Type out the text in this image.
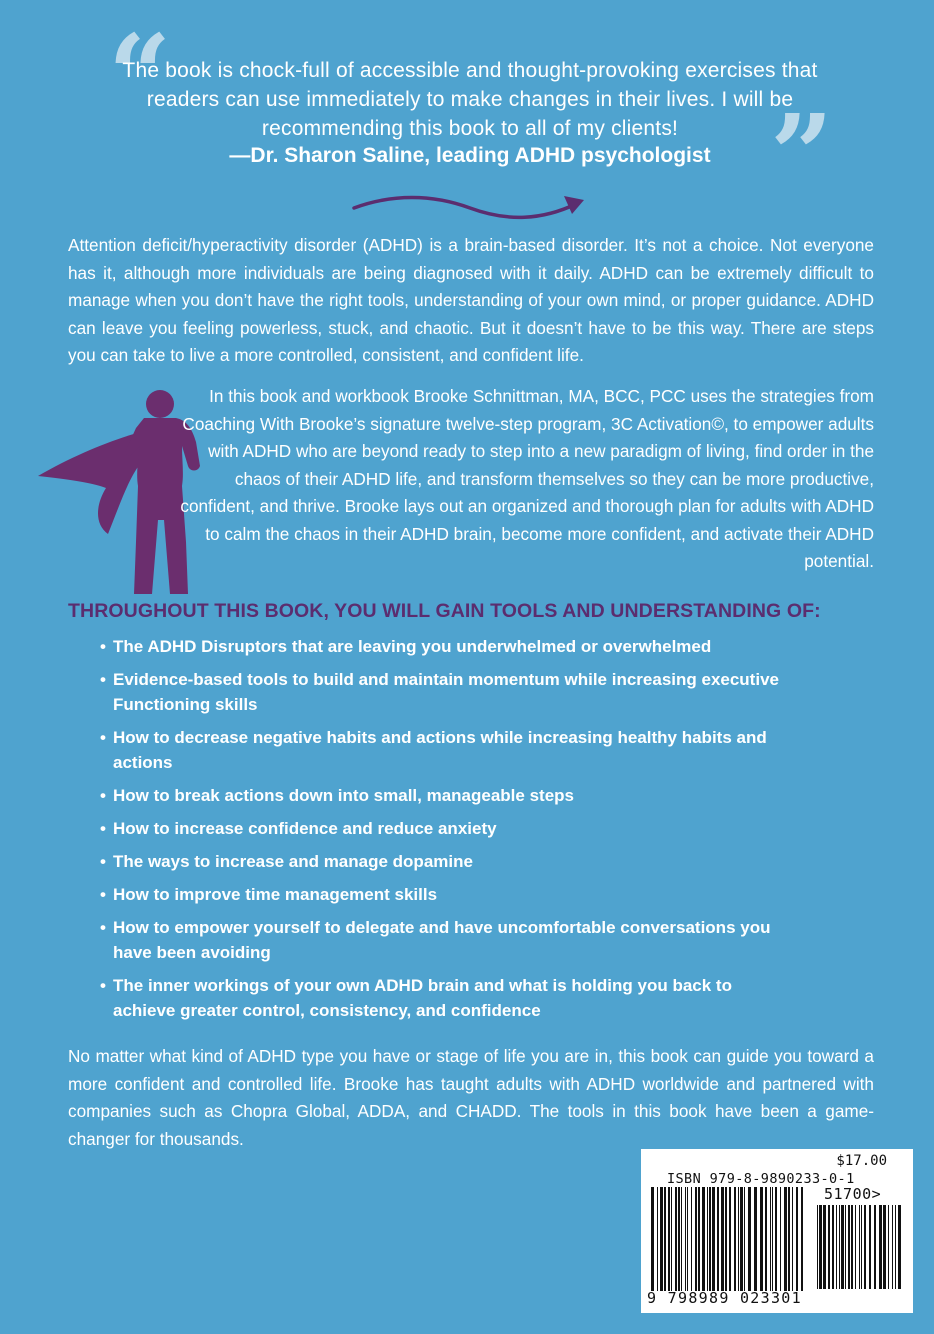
“
”
The book is chock-full of accessible and thought-provoking exercises that readers can use immediately to make changes in their lives. I will be recommending this book to all of my clients!
—Dr. Sharon Saline, leading ADHD psychologist
Attention deficit/hyperactivity disorder (ADHD) is a brain-based disorder. It’s not a choice. Not everyone has it, although more individuals are being diagnosed with it daily. ADHD can be extremely difficult to manage when you don’t have the right tools, understanding of your own mind, or proper guidance. ADHD can leave you feeling powerless, stuck, and chaotic. But it doesn’t have to be this way. There are steps you can take to live a more controlled, consistent, and confident life.
In this book and workbook Brooke Schnittman, MA, BCC, PCC uses the strategies from Coaching With Brooke’s signature twelve-step program, 3C Activation©, to empower adults with ADHD who are beyond ready to step into a new paradigm of living, find order in the chaos of their ADHD life, and transform themselves so they can be more productive, confident, and thrive. Brooke lays out an organized and thorough plan for adults with ADHD to calm the chaos in their ADHD brain, become more confident, and activate their ADHD potential.
THROUGHOUT THIS BOOK, YOU WILL GAIN TOOLS AND UNDERSTANDING OF:
• The ADHD Disruptors that are leaving you underwhelmed or overwhelmed
• Evidence-based tools to build and maintain momentum while increasing executive Functioning skills
• How to decrease negative habits and actions while increasing healthy habits and actions
• How to break actions down into small, manageable steps
• How to increase confidence and reduce anxiety
• The ways to increase and manage dopamine
• How to improve time management skills
• How to empower yourself to delegate and have uncomfortable conversations you have been avoiding
• The inner workings of your own ADHD brain and what is holding you back to achieve greater control, consistency, and confidence
No matter what kind of ADHD type you have or stage of life you are in, this book can guide you toward a more confident and controlled life. Brooke has taught adults with ADHD worldwide and partnered with companies such as Chopra Global, ADDA, and CHADD. The tools in this book have been a game-changer for thousands.
$17.00
ISBN 979-8-9890233-0-1
51700>
9 798989 023301
